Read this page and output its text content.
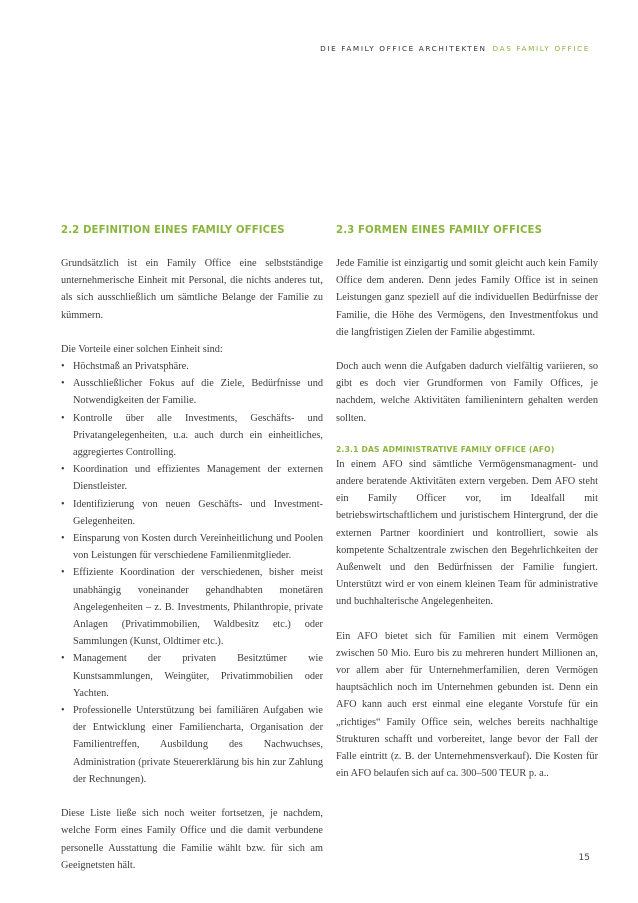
DIE FAMILY OFFICE ARCHITEKTEN DAS FAMILY OFFICE
2.2 DEFINITION EINES FAMILY OFFICES

Grundsätzlich ist ein Family Office eine selbstständige unternehmerische Einheit mit Personal, die nichts anderes tut, als sich ausschließlich um sämtliche Belange der Familie zu kümmern.

Die Vorteile einer solchen Einheit sind:

• Höchstmaß an Privatsphäre.
• Ausschließlicher Fokus auf die Ziele, Bedürfnisse und Notwendigkeiten der Familie.
• Kontrolle über alle Investments, Geschäfts- und Privatangelegenheiten, u.a. auch durch ein einheitliches, aggregiertes Controlling.
• Koordination und effizientes Management der externen Dienstleister.
• Identifizierung von neuen Geschäfts- und Investment-Gelegenheiten.
• Einsparung von Kosten durch Vereinheitlichung und Poolen von Leistungen für verschiedene Familienmitglieder.
• Effiziente Koordination der verschiedenen, bisher meist unabhängig voneinander gehandhabten monetären Angelegenheiten – z. B. Investments, Philanthropie, private Anlagen (Privatimmobilien, Waldbesitz etc.) oder Sammlungen (Kunst, Oldtimer etc.).
• Management der privaten Besitztümer wie Kunstsammlungen, Weingüter, Privatimmobilien oder Yachten.
• Professionelle Unterstützung bei familiären Aufgaben wie der Entwicklung einer Familiencharta, Organisation der Familientreffen, Ausbildung des Nachwuchses, Administration (private Steuererklärung bis hin zur Zahlung der Rechnungen).

Diese Liste ließe sich noch weiter fortsetzen, je nachdem, welche Form eines Family Office und die damit verbundene personelle Ausstattung die Familie wählt bzw. für sich am Geeignetsten hält.

2.3 FORMEN EINES FAMILY OFFICES

Jede Familie ist einzigartig und somit gleicht auch kein Family Office dem anderen. Denn jedes Family Office ist in seinen Leistungen ganz speziell auf die individuellen Bedürfnisse der Familie, die Höhe des Vermögens, den Investmentfokus und die langfristigen Zielen der Familie abgestimmt.

Doch auch wenn die Aufgaben dadurch vielfältig variieren, so gibt es doch vier Grundformen von Family Offices, je nachdem, welche Aktivitäten familienintern gehalten werden sollten.

2.3.1 DAS ADMINISTRATIVE FAMILY OFFICE (AFO)

In einem AFO sind sämtliche Vermögensmanagment- und andere beratende Aktivitäten extern vergeben. Dem AFO steht ein Family Officer vor, im Idealfall mit betriebswirtschaftlichem und juristischem Hintergrund, der die externen Partner koordiniert und kontrolliert, sowie als kompetente Schaltzentrale zwischen den Begehrlichkeiten der Außenwelt und den Bedürfnissen der Familie fungiert. Unterstützt wird er von einem kleinen Team für administrative und buchhalterische Angelegenheiten.

Ein AFO bietet sich für Familien mit einem Vermögen zwischen 50 Mio. Euro bis zu mehreren hundert Millionen an, vor allem aber für Unternehmerfamilien, deren Vermögen hauptsächlich noch im Unternehmen gebunden ist. Denn ein AFO kann auch erst einmal eine elegante Vorstufe für ein „richtiges“ Family Office sein, welches bereits nachhaltige Strukturen schafft und vorbereitet, lange bevor der Fall der Falle eintritt (z. B. der Unternehmensverkauf). Die Kosten für ein AFO belaufen sich auf ca. 300–500 TEUR p. a..

15
